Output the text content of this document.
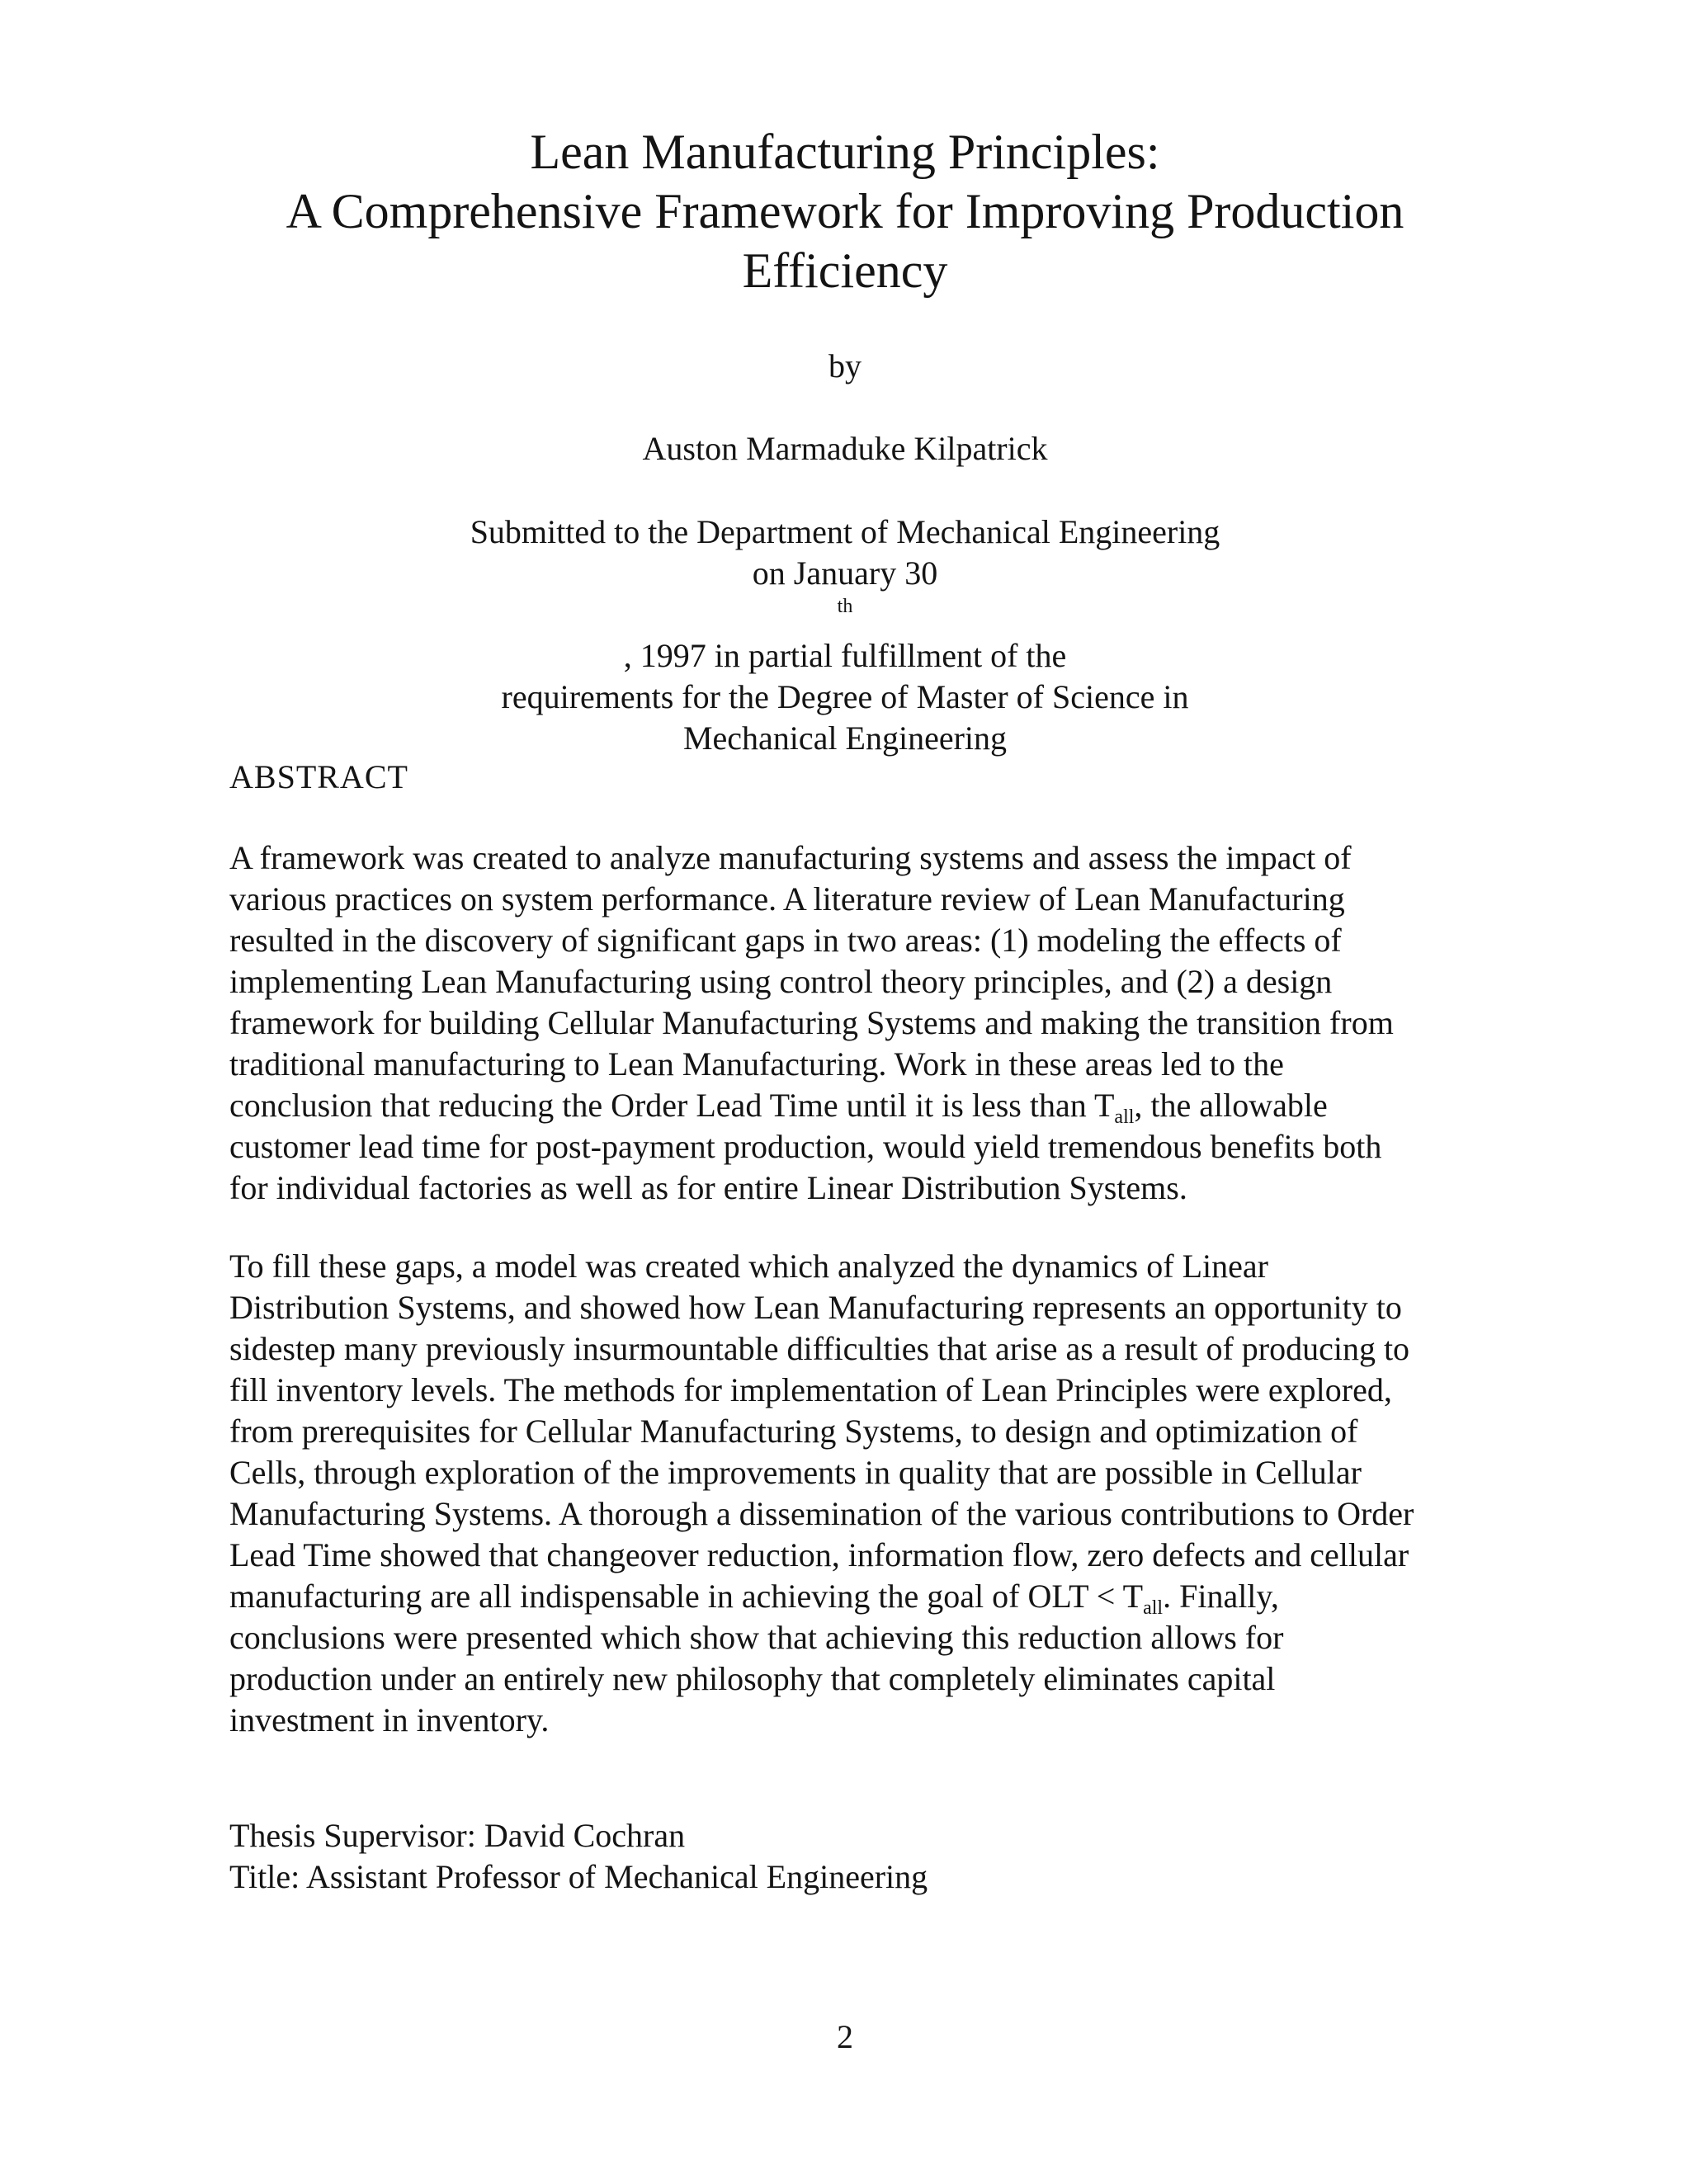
Lean Manufacturing Principles:
A Comprehensive Framework for Improving Production
Efficiency
by
Auston Marmaduke Kilpatrick
Submitted to the Department of Mechanical Engineering
on January 30
$^{th}$
, 1997 in partial fulfillment of the
requirements for the Degree of Master of Science in
Mechanical Engineering
ABSTRACT
A framework was created to analyze manufacturing systems and assess the impact of
various practices on system performance. A literature review of Lean Manufacturing
resulted in the discovery of significant gaps in two areas: (1) modeling the effects of
implementing Lean Manufacturing using control theory principles, and (2) a design
framework for building Cellular Manufacturing Systems and making the transition from
traditional manufacturing to Lean Manufacturing. Work in these areas led to the
conclusion that reducing the Order Lead Time until it is less than $T_{all}$, the allowable
customer lead time for post-payment production, would yield tremendous benefits both
for individual factories as well as for entire Linear Distribution Systems.
To fill these gaps, a model was created which analyzed the dynamics of Linear
Distribution Systems, and showed how Lean Manufacturing represents an opportunity to
sidestep many previously insurmountable difficulties that arise as a result of producing to
fill inventory levels. The methods for implementation of Lean Principles were explored,
from prerequisites for Cellular Manufacturing Systems, to design and optimization of
Cells, through exploration of the improvements in quality that are possible in Cellular
Manufacturing Systems. A thorough a dissemination of the various contributions to Order
Lead Time showed that changeover reduction, information flow, zero defects and cellular
manufacturing are all indispensable in achieving the goal of OLT < $T_{all}$. Finally,
conclusions were presented which show that achieving this reduction allows for
production under an entirely new philosophy that completely eliminates capital
investment in inventory.
Thesis Supervisor: David Cochran
Title: Assistant Professor of Mechanical Engineering
2
